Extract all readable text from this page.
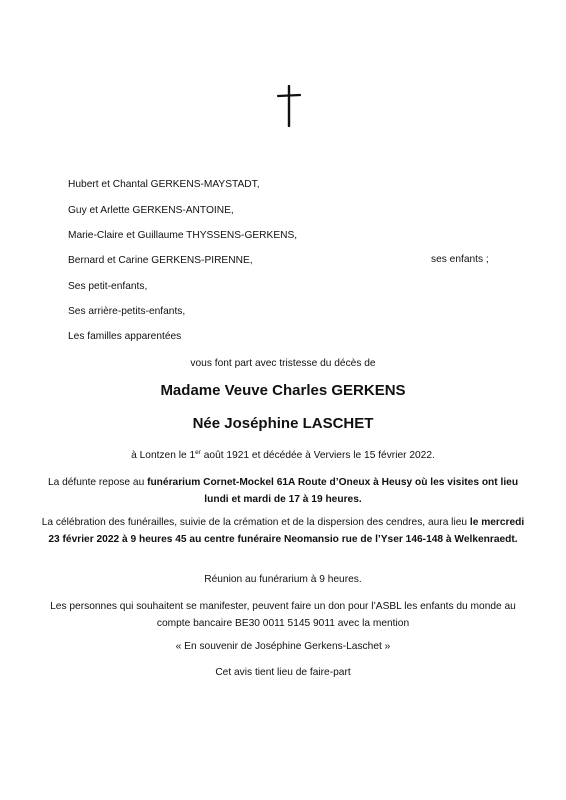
Hubert et Chantal GERKENS-MAYSTADT,
Guy et Arlette GERKENS-ANTOINE,
Marie-Claire et Guillaume THYSSENS-GERKENS,
Bernard et Carine GERKENS-PIRENNE,	ses enfants ;
Ses petit-enfants,
Ses arrière-petits-enfants,
Les familles apparentées
vous font part avec tristesse du décès de
Madame Veuve Charles GERKENS
Née Joséphine LASCHET
à Lontzen le 1er août 1921 et décédée à Verviers le 15 février 2022.
La défunte repose au funérarium Cornet-Mockel 61A Route d’Oneux à Heusy où les visites ont lieu lundi et mardi de 17 à 19 heures.
La célébration des funérailles, suivie de la crémation et de la dispersion des cendres, aura lieu le mercredi 23 février 2022 à 9 heures 45 au centre funéraire Neomansio rue de l’Yser 146-148 à Welkenraedt.
Réunion au funérarium à 9 heures.
Les personnes qui souhaitent se manifester, peuvent faire un don pour l’ASBL les enfants du monde au compte bancaire BE30 0011 5145 9011 avec la mention
« En souvenir de Joséphine Gerkens-Laschet »
Cet avis tient lieu de faire-part
